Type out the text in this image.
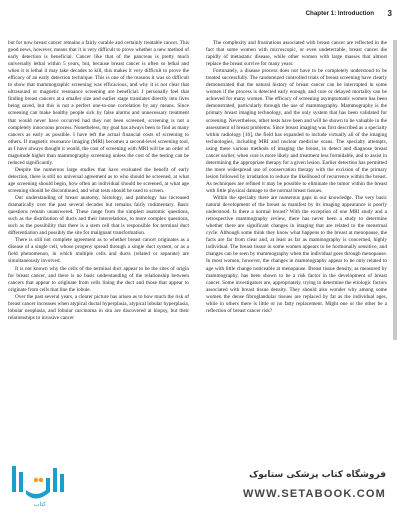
Chapter 1: Introduction 3

but for now breast cancer remains a fairly curable and certainly treatable cancer. This good news, however, means that it is very difficult to prove whether a new method of early detection is beneficial. Cancer like that of the pancreas is pretty much universally lethal within 5 years, but, because breast cancer is often so lethal and when it is lethal it may take decades to kill, this makes it very difficult to prove the efficacy of an early detection technique. This is one of the reasons it was so difficult to show that mammographic screening was efficacious, and why it is not clear that ultrasound or magnetic resonance screening are beneficial. I personally feel that finding breast cancers at a smaller size and earlier stage translates directly into lives being saved, but this is not a perfect one-to-one correlation by any means. Since screening can make healthy people sick by false alarms and unnecessary treatment that would never have occurred had they not been screened, screening is not a completely innocuous process. Nonetheless, my goal has always been to find as many cancers as early as possible. I have left the actual financial costs of screening to others. If magnetic resonance imaging (MRI) becomes a second-level screening tool, as I have always thought it would, the cost of screening with MRI will be an order of magnitude higher than mammography screening unless the cost of the testing can be reduced significantly.

Despite the numerous large studies that have evaluated the benefit of early detection, there is still no universal agreement as to who should be screened, at what age screening should begin, how often an individual should be screened, at what age screening should be discontinued, and what tests should be used to screen.

Our understanding of breast anatomy, histology, and pathology has increased dramatically over the past several decades but remains fairly rudimentary. Basic questions remain unanswered. These range from the simplest anatomic questions, such as the distribution of ducts and their interrelations, to more complex questions, such as the possibility that there is a stem cell that is responsible for terminal duct differentiation and possibly the site for malignant transformation.

There is still not complete agreement as to whether breast cancer originates as a disease of a single cell, whose progeny spread through a single duct system, or as a field phenomenon, in which multiple cells and ducts (related or separate) are simultaneously involved.

It is not known why the cells of the terminal duct appear to be the sites of origin for breast cancer, and there is no basic understanding of the relationship between cancers that appear to originate from cells lining the duct and those that appear to originate from cells that line the lobule.

Over the past several years, a clearer picture has arisen as to how much the risk of breast cancer increases when atypical ductal hyperplasia, atypical lobular hyperplasia, lobular neoplasia, and lobular carcinoma in situ are discovered at biopsy, but their relationships to invasive cancer

The complexity and frustrations associated with breast cancer are reflected in the fact that some women with microscopic, or even undetectable, breast cancer die rapidly of metastatic disease, while other women with large masses that almost replace the breast survive for many years.

Fortunately, a disease process does not have to be completely understood to be treated successfully. The randomized controlled trials of breast screening have clearly demonstrated that the natural history of breast cancer can be interrupted in some women if the process is detected early enough, and cure or delayed mortality can be achieved for many women. The efficacy of screening asymptomatic women has been demonstrated, particularly through the use of mammography. Mammography is the primary breast imaging technology, and the only system that has been validated for screening. Nevertheless, other tests have been and will be shown to be valuable in the assessment of breast problems. Since breast imaging was first described as a specialty within radiology [16], the field has expanded to include virtually all of the imaging technologies, including MRI and nuclear medicine scans. The specialty attempts, using these various methods of imaging the breast, to detect and diagnose breast cancer earlier, when cure is more likely and treatment less formidable, and to assist in determining the appropriate therapy for a given lesion. Earlier detection has permitted the more widespread use of conservation therapy with the excision of the primary lesion followed by irradiation to reduce the likelihood of recurrence within the breast. As techniques are refined it may be possible to eliminate the tumor within the breast with little physical damage to the normal breast tissues.

Within the specialty there are numerous gaps in our knowledge. The very basic natural development of the breast as manifest by its imaging appearance is poorly understood. Is there a normal breast? With the exception of one MRI study and a retrospective mammography review, there has never been a study to determine whether there are significant changes in imaging that are related to the menstrual cycle. Although some think they know what happens to the breast at menopause, the facts are far from clear and, at least as far as mammography is concerned, highly individual. The breast tissue in some women appears to be hormonally sensitive, and changes can be seen by mammography when the individual goes through menopause. In most women, however, the changes in mammography appear to be only related to age with little change noticeable at menopause. Breast tissue density, as measured by mammography, has been shown to be a risk factor in the development of breast cancer. Some investigators are, appropriately, trying to determine the etiologic factors associated with breast tissue density. They should also wonder why among some women the dense fibroglandular tissues are replaced by fat as the individual ages, while in others there is little or no fatty replacement. Might one or the other be a reflection of breast cancer risk?

کتاب
فروشگاه کتاب پزشکی ستابوک
WWW.SETABOOK.COM
